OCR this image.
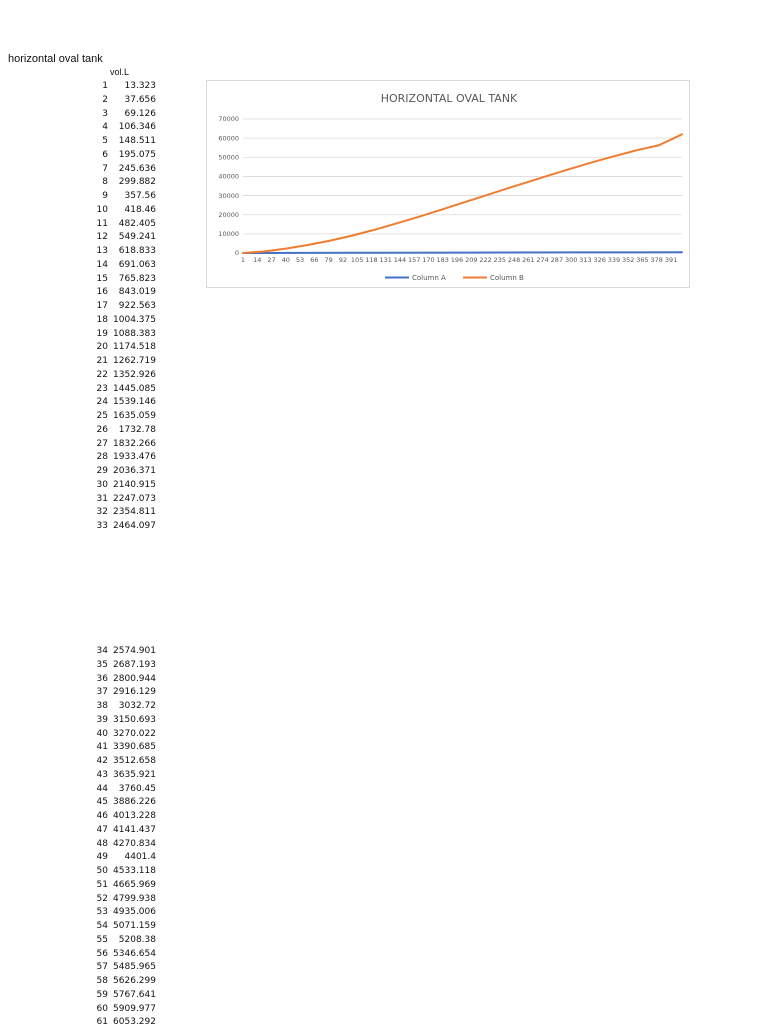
horizontal oval tank
vol.L
1 13.323
2 37.656
3 69.126
4 106.346
5 148.511
6 195.075
7 245.636
8 299.882
9 357.56
10 418.46
11 482.405
12 549.241
13 618.833
14 691.063
15 765.823
16 843.019
17 922.563
18 1004.375
19 1088.383
20 1174.518
21 1262.719
22 1352.926
23 1445.085
24 1539.146
25 1635.059
26 1732.78
27 1832.266
28 1933.476
29 2036.371
30 2140.915
31 2247.073
32 2354.811
33 2464.097
34 2574.901
35 2687.193
36 2800.944
37 2916.129
38 3032.72
39 3150.693
40 3270.022
41 3390.685
42 3512.658
43 3635.921
44 3760.45
45 3886.226
46 4013.228
47 4141.437
48 4270.834
49 4401.4
50 4533.118
51 4665.969
52 4799.938
53 4935.006
54 5071.159
55 5208.38
56 5346.654
57 5485.965
58 5626.299
59 5767.641
60 5909.977
61 6053.292
HORIZONTAL OVAL TANK
0
10000
20000
30000
40000
50000
60000
70000
1 14 27 40 53 66 79 92 105 118 131 144 157 170 183 196 209 222 235 248 261 274 287 300 313 326 339 352 365 378 391
Column A	Column B
